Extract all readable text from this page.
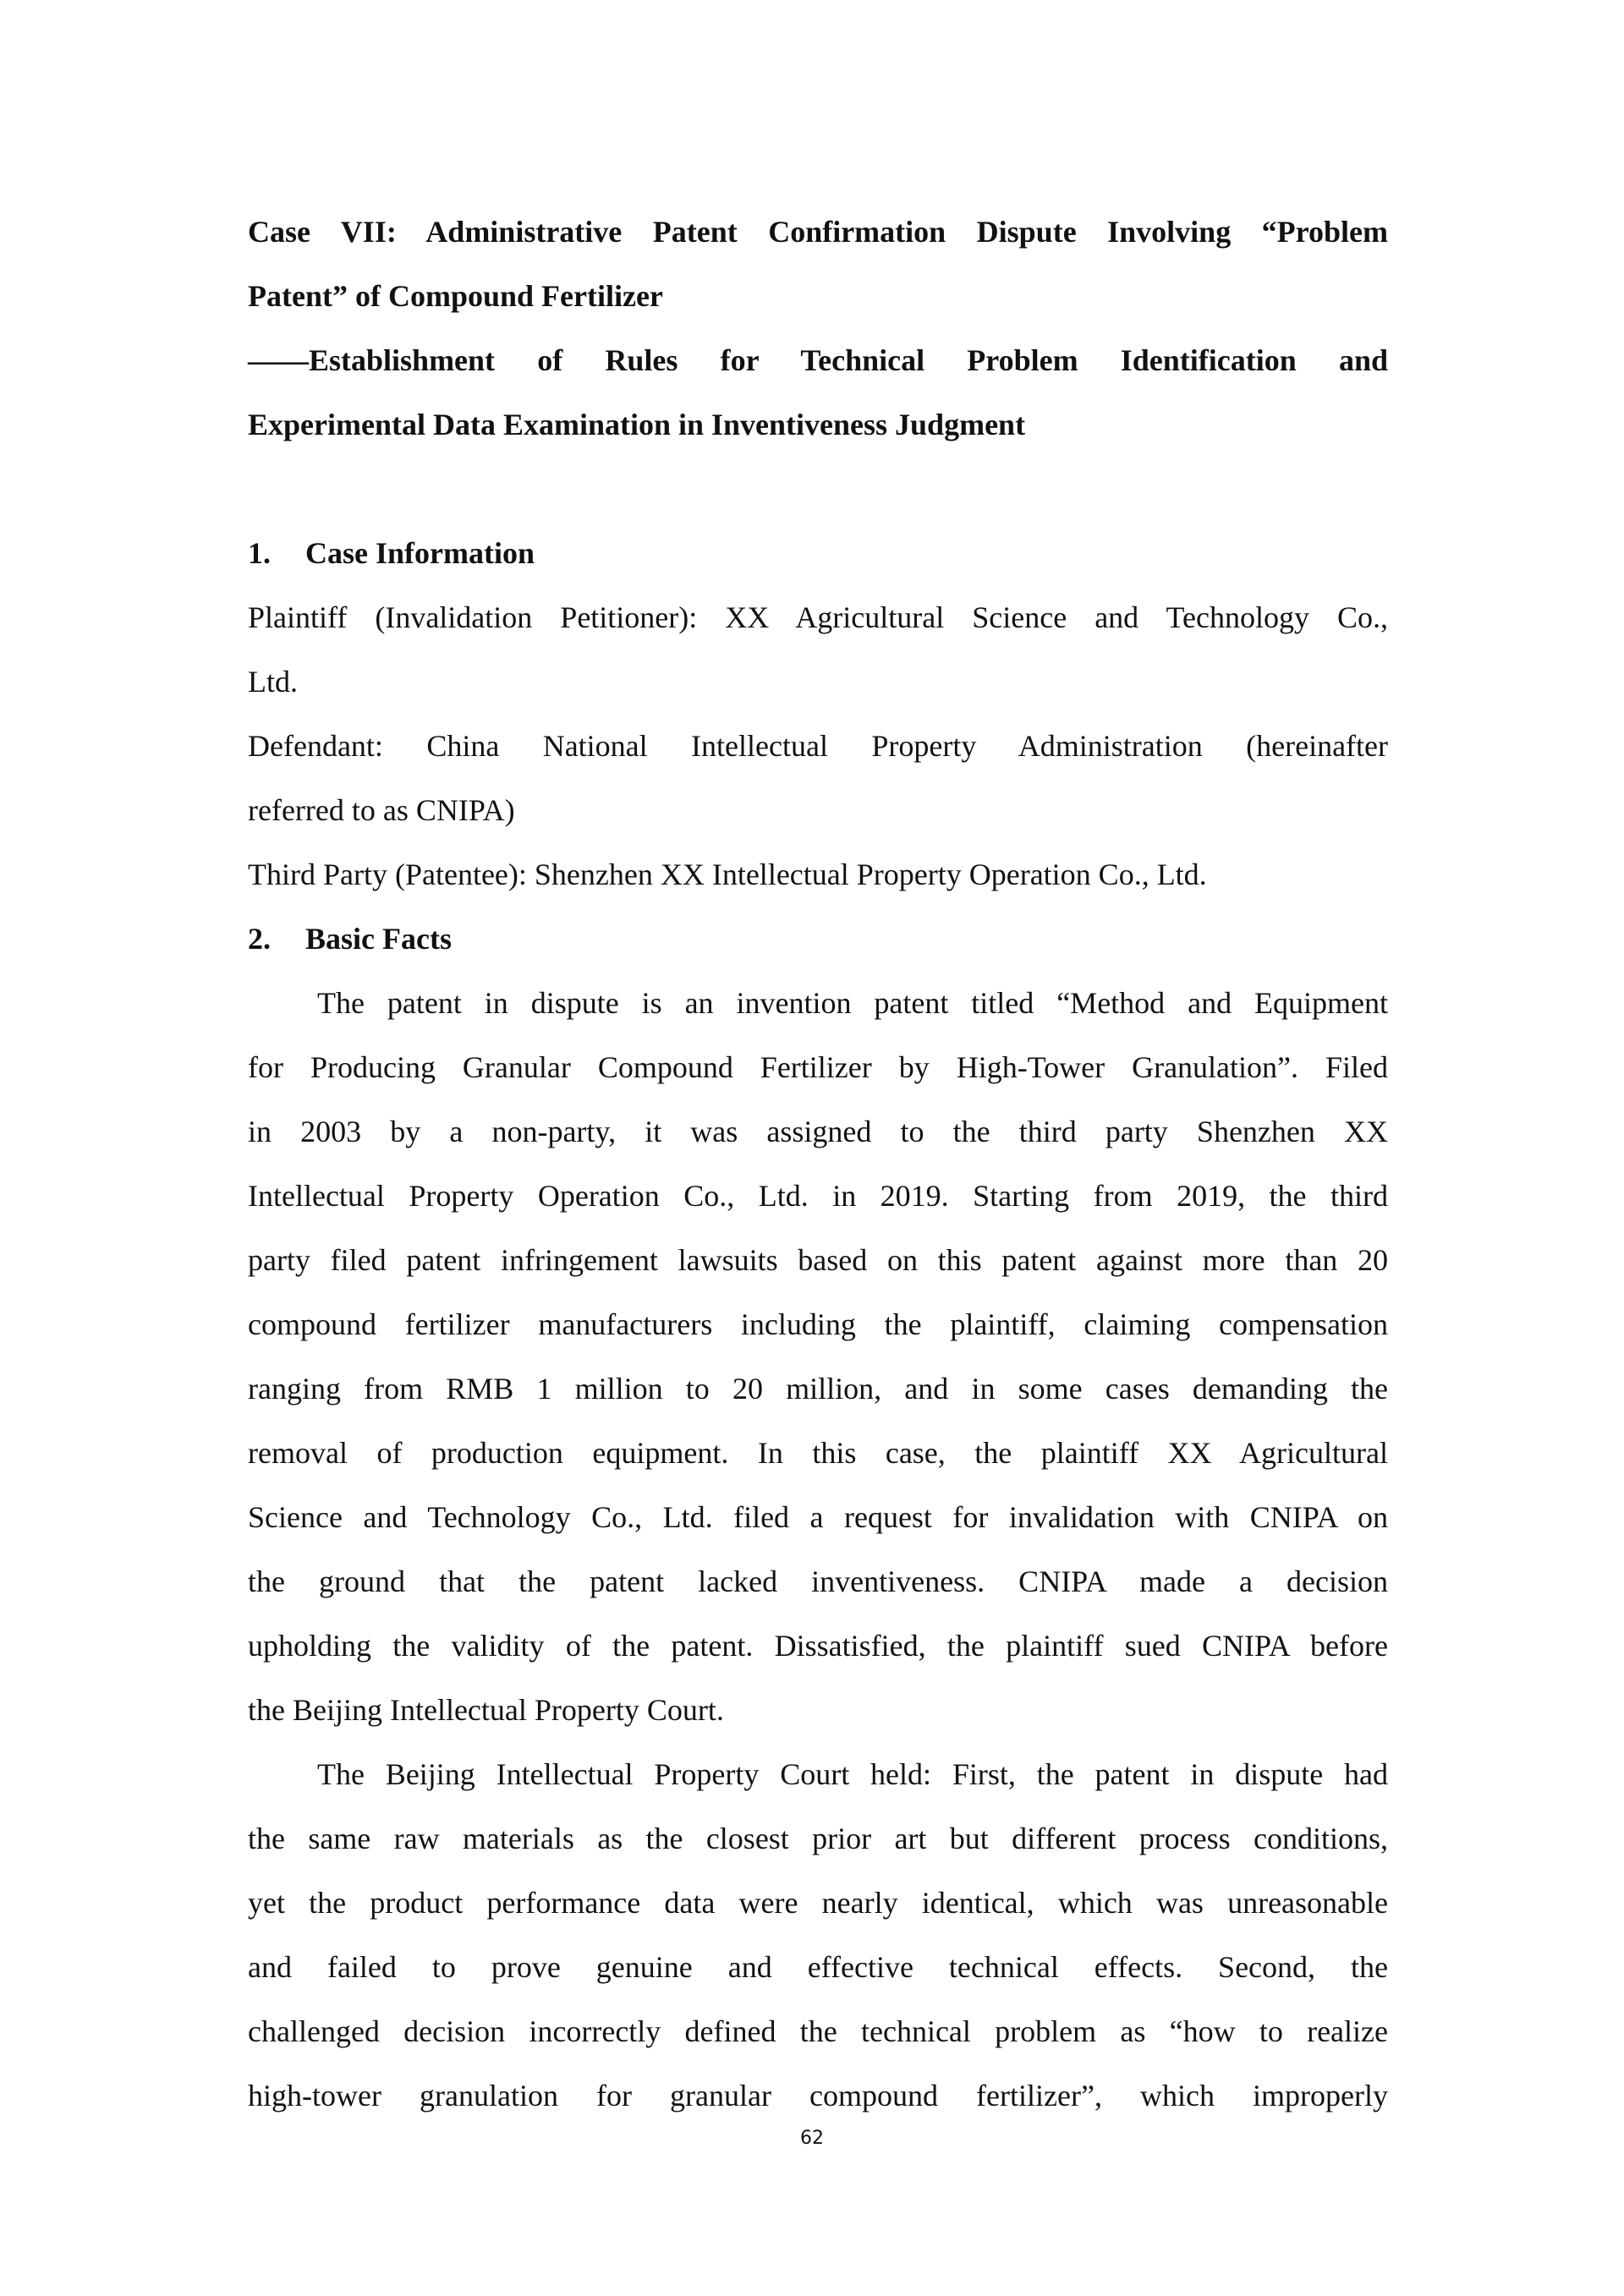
Case VII: Administrative Patent Confirmation Dispute Involving “Problem
Patent” of Compound Fertilizer
——Establishment of Rules for Technical Problem Identification and
Experimental Data Examination in Inventiveness Judgment
1. Case Information
Plaintiff (Invalidation Petitioner): XX Agricultural Science and Technology Co.,
Ltd.
Defendant: China National Intellectual Property Administration (hereinafter
referred to as CNIPA)
Third Party (Patentee): Shenzhen XX Intellectual Property Operation Co., Ltd.
2. Basic Facts
The patent in dispute is an invention patent titled “Method and Equipment
for Producing Granular Compound Fertilizer by High-Tower Granulation”. Filed
in 2003 by a non-party, it was assigned to the third party Shenzhen XX
Intellectual Property Operation Co., Ltd. in 2019. Starting from 2019, the third
party filed patent infringement lawsuits based on this patent against more than 20
compound fertilizer manufacturers including the plaintiff, claiming compensation
ranging from RMB 1 million to 20 million, and in some cases demanding the
removal of production equipment. In this case, the plaintiff XX Agricultural
Science and Technology Co., Ltd. filed a request for invalidation with CNIPA on
the ground that the patent lacked inventiveness. CNIPA made a decision
upholding the validity of the patent. Dissatisfied, the plaintiff sued CNIPA before
the Beijing Intellectual Property Court.
The Beijing Intellectual Property Court held: First, the patent in dispute had
the same raw materials as the closest prior art but different process conditions,
yet the product performance data were nearly identical, which was unreasonable
and failed to prove genuine and effective technical effects. Second, the
challenged decision incorrectly defined the technical problem as “how to realize
high-tower granulation for granular compound fertilizer”, which improperly
62
